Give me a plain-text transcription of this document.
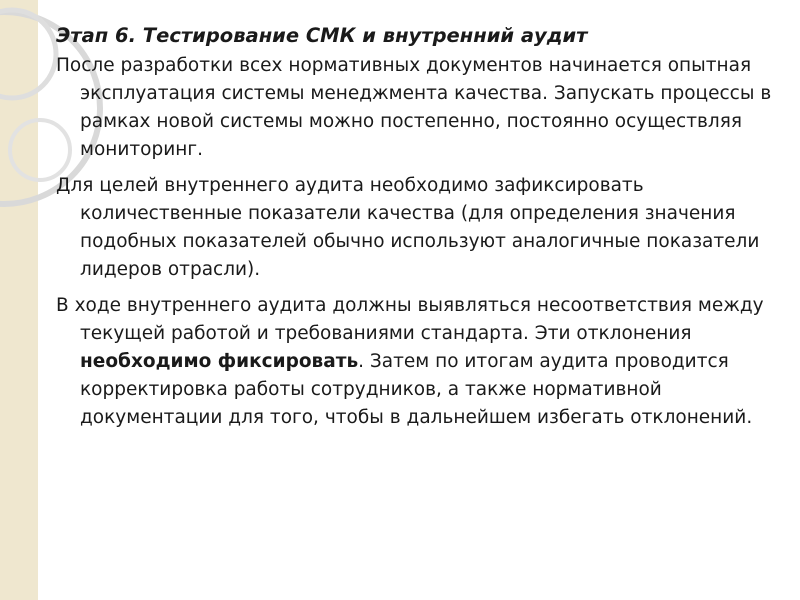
Этап 6. Тестирование СМК и внутренний аудит

После разработки всех нормативных документов начинается опытная эксплуатация системы менеджмента качества. Запускать процессы в рамках новой системы можно постепенно, постоянно осуществляя мониторинг.

Для целей внутреннего аудита необходимо зафиксировать количественные показатели качества (для определения значения подобных показателей обычно используют аналогичные показатели лидеров отрасли).

В ходе внутреннего аудита должны выявляться несоответствия между текущей работой и требованиями стандарта. Эти отклонения необходимо фиксировать. Затем по итогам аудита проводится корректировка работы сотрудников, а также нормативной документации для того, чтобы в дальнейшем избегать отклонений.
